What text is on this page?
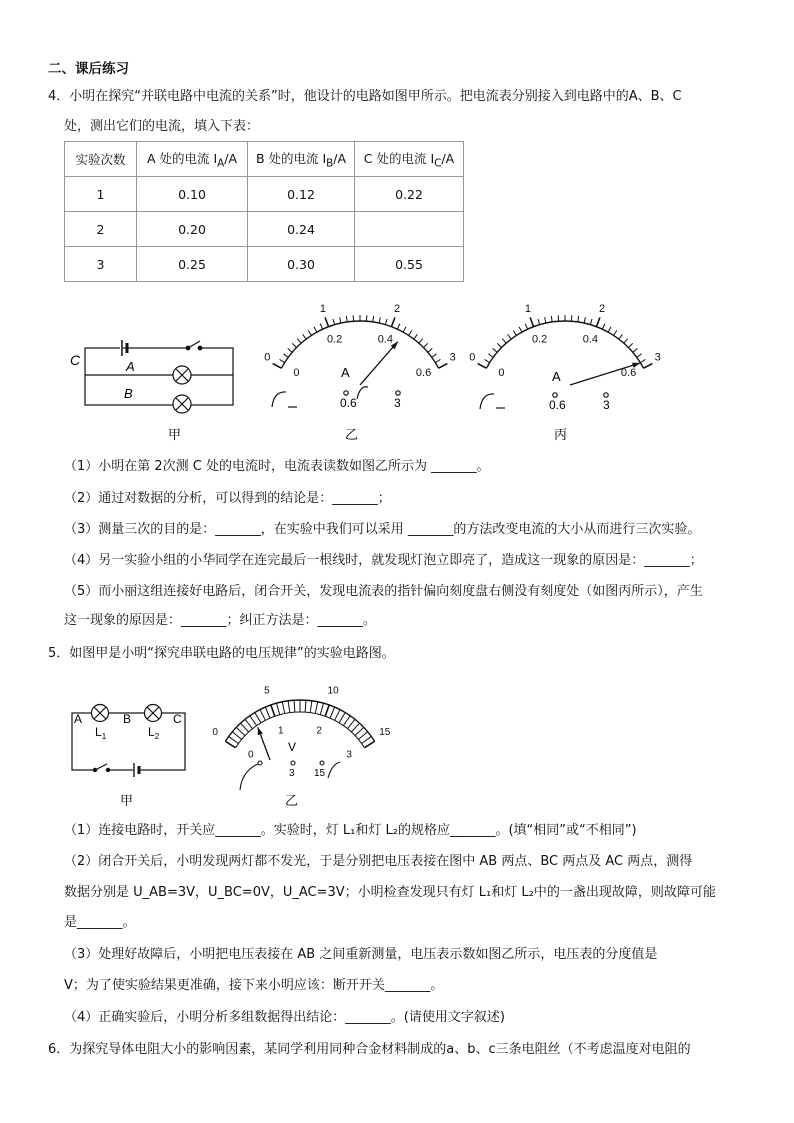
二、课后练习
4．小明在探究“并联电路中电流的关系”时，他设计的电路如图甲所示。把电流表分别接入到电路中的A、B、C
处，测出它们的电流，填入下表：
实验次数	A 处的电流 $I_A/A$	B 处的电流 $I_B/A$	C 处的电流 $I_C/A$
1	0.10	0.12	0.22
2	0.20	0.24	
3	0.25	0.30	0.55
C	A
B
甲
0
1	2
3
0
0.2	0.4
0.6
A
0.6	3
乙
0
1	2
3
0
0.2	0.4
0.6
A
0.6	3
丙
（1）小明在第 2次测 C 处的电流时，电流表读数如图乙所示为 _______。
（2）通过对数据的分析，可以得到的结论是：_______；
（3）测量三次的目的是：_______，在实验中我们可以采用 _______的方法改变电流的大小从而进行三次实验。
（4）另一实验小组的小华同学在连完最后一根线时，就发现灯泡立即亮了，造成这一现象的原因是：_______；
（5）而小丽这组连接好电路后，闭合开关，发现电流表的指针偏向刻度盘右侧没有刻度处（如图丙所示），产生
这一现象的原因是：_______；纠正方法是：_______。
5．如图甲是小明“探究串联电路的电压规律”的实验电路图。
A	B	C
$L_1$	$L_2$
甲
0
5	10
15
0
1	2
3
V
3 15
乙
（1）连接电路时，开关应_______。实验时，灯 L₁和灯 L₂的规格应_______。(填“相同”或“不相同”)
（2）闭合开关后，小明发现两灯都不发光，于是分别把电压表接在图中 AB 两点、BC 两点及 AC 两点，测得
数据分别是 U_AB=3V，U_BC=0V，U_AC=3V；小明检查发现只有灯 L₁和灯 L₂中的一盏出现故障，则故障可能
是_______。
（3）处理好故障后，小明把电压表接在 AB 之间重新测量，电压表示数如图乙所示，电压表的分度值是
V；为了使实验结果更准确，接下来小明应该：断开开关_______。
（4）正确实验后，小明分析多组数据得出结论：_______。(请使用文字叙述)
6．为探究导体电阻大小的影响因素，某同学利用同种合金材料制成的a、b、c三条电阻丝（不考虑温度对电阻的
